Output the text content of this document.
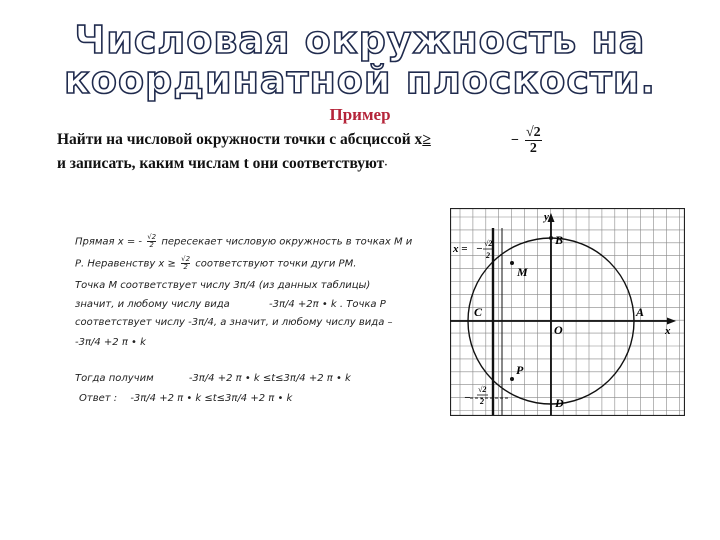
Числовая окружность на
координатной плоскости.
Пример
Найти на числовой окружности точки с абсциссой х≥	− $\frac{√2}{2}$
и записать, каким числам t они соответствуют·
Прямая х = - $\frac{√2}{2}$ пересекает числовую окружность в точках М и
Р. Неравенству $х \ge \frac{√2}{2}$ соответствуют точки дуги РМ.
Точка М соответствует числу 3π/4 (из данных таблицы)
значит, и любому числу вида	-3π/4 +2π • k . Точка Р
соответствует числу -3π/4, а значит, и любому числу вида –
-3π/4 +2 π • k
Тогда получим	-3π/4 +2 π • k ≤t≤3π/4 +2 π • k
Ответ : -3π/4 +2 π • k ≤t≤3π/4 +2 π • k
x = − √2
2
−
√2
2
y
x
B
M
C
O
A
P
D
